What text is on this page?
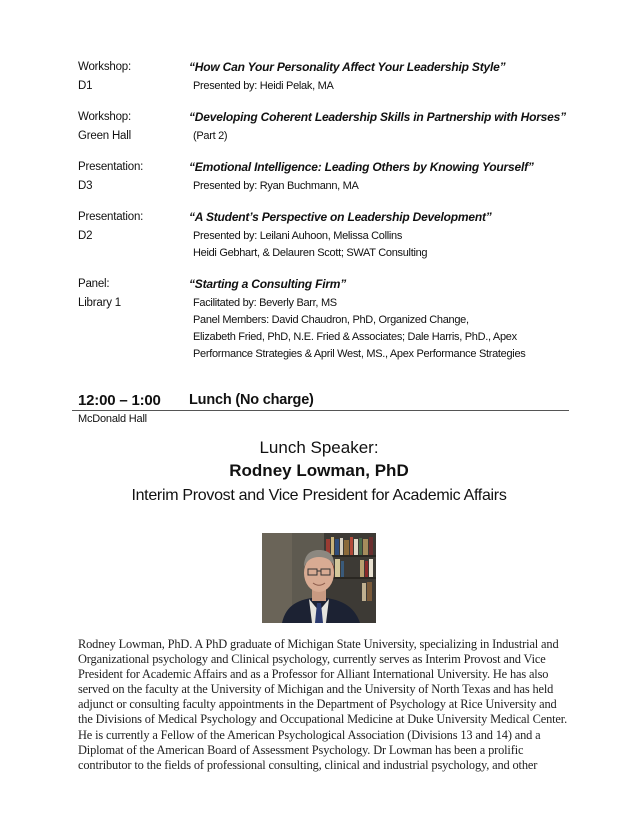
Workshop:
D1
“How Can Your Personality Affect Your Leadership Style”
Presented by: Heidi Pelak, MA
Workshop:
Green Hall
“Developing Coherent Leadership Skills in Partnership with Horses”
(Part 2)
Presentation:
D3
“Emotional Intelligence: Leading Others by Knowing Yourself”
Presented by: Ryan Buchmann, MA
Presentation:
D2
“A Student’s Perspective on Leadership Development”
Presented by: Leilani Auhoon, Melissa Collins
Heidi Gebhart, & Delauren Scott; SWAT Consulting
Panel:
Library 1
“Starting a Consulting Firm”
Facilitated by: Beverly Barr, MS
Panel Members: David Chaudron, PhD, Organized Change,
Elizabeth Fried, PhD, N.E. Fried & Associates; Dale Harris, PhD., Apex
Performance Strategies & April West, MS., Apex Performance Strategies
12:00 – 1:00 Lunch (No charge)
McDonald Hall
Lunch Speaker:
Rodney Lowman, PhD
Interim Provost and Vice President for Academic Affairs
Rodney Lowman, PhD. A PhD graduate of Michigan State University, specializing in Industrial and
Organizational psychology and Clinical psychology, currently serves as Interim Provost and Vice
President for Academic Affairs and as a Professor for Alliant International University. He has also
served on the faculty at the University of Michigan and the University of North Texas and has held
adjunct or consulting faculty appointments in the Department of Psychology at Rice University and
the Divisions of Medical Psychology and Occupational Medicine at Duke University Medical Center.
He is currently a Fellow of the American Psychological Association (Divisions 13 and 14) and a
Diplomat of the American Board of Assessment Psychology. Dr Lowman has been a prolific
contributor to the fields of professional consulting, clinical and industrial psychology, and other
